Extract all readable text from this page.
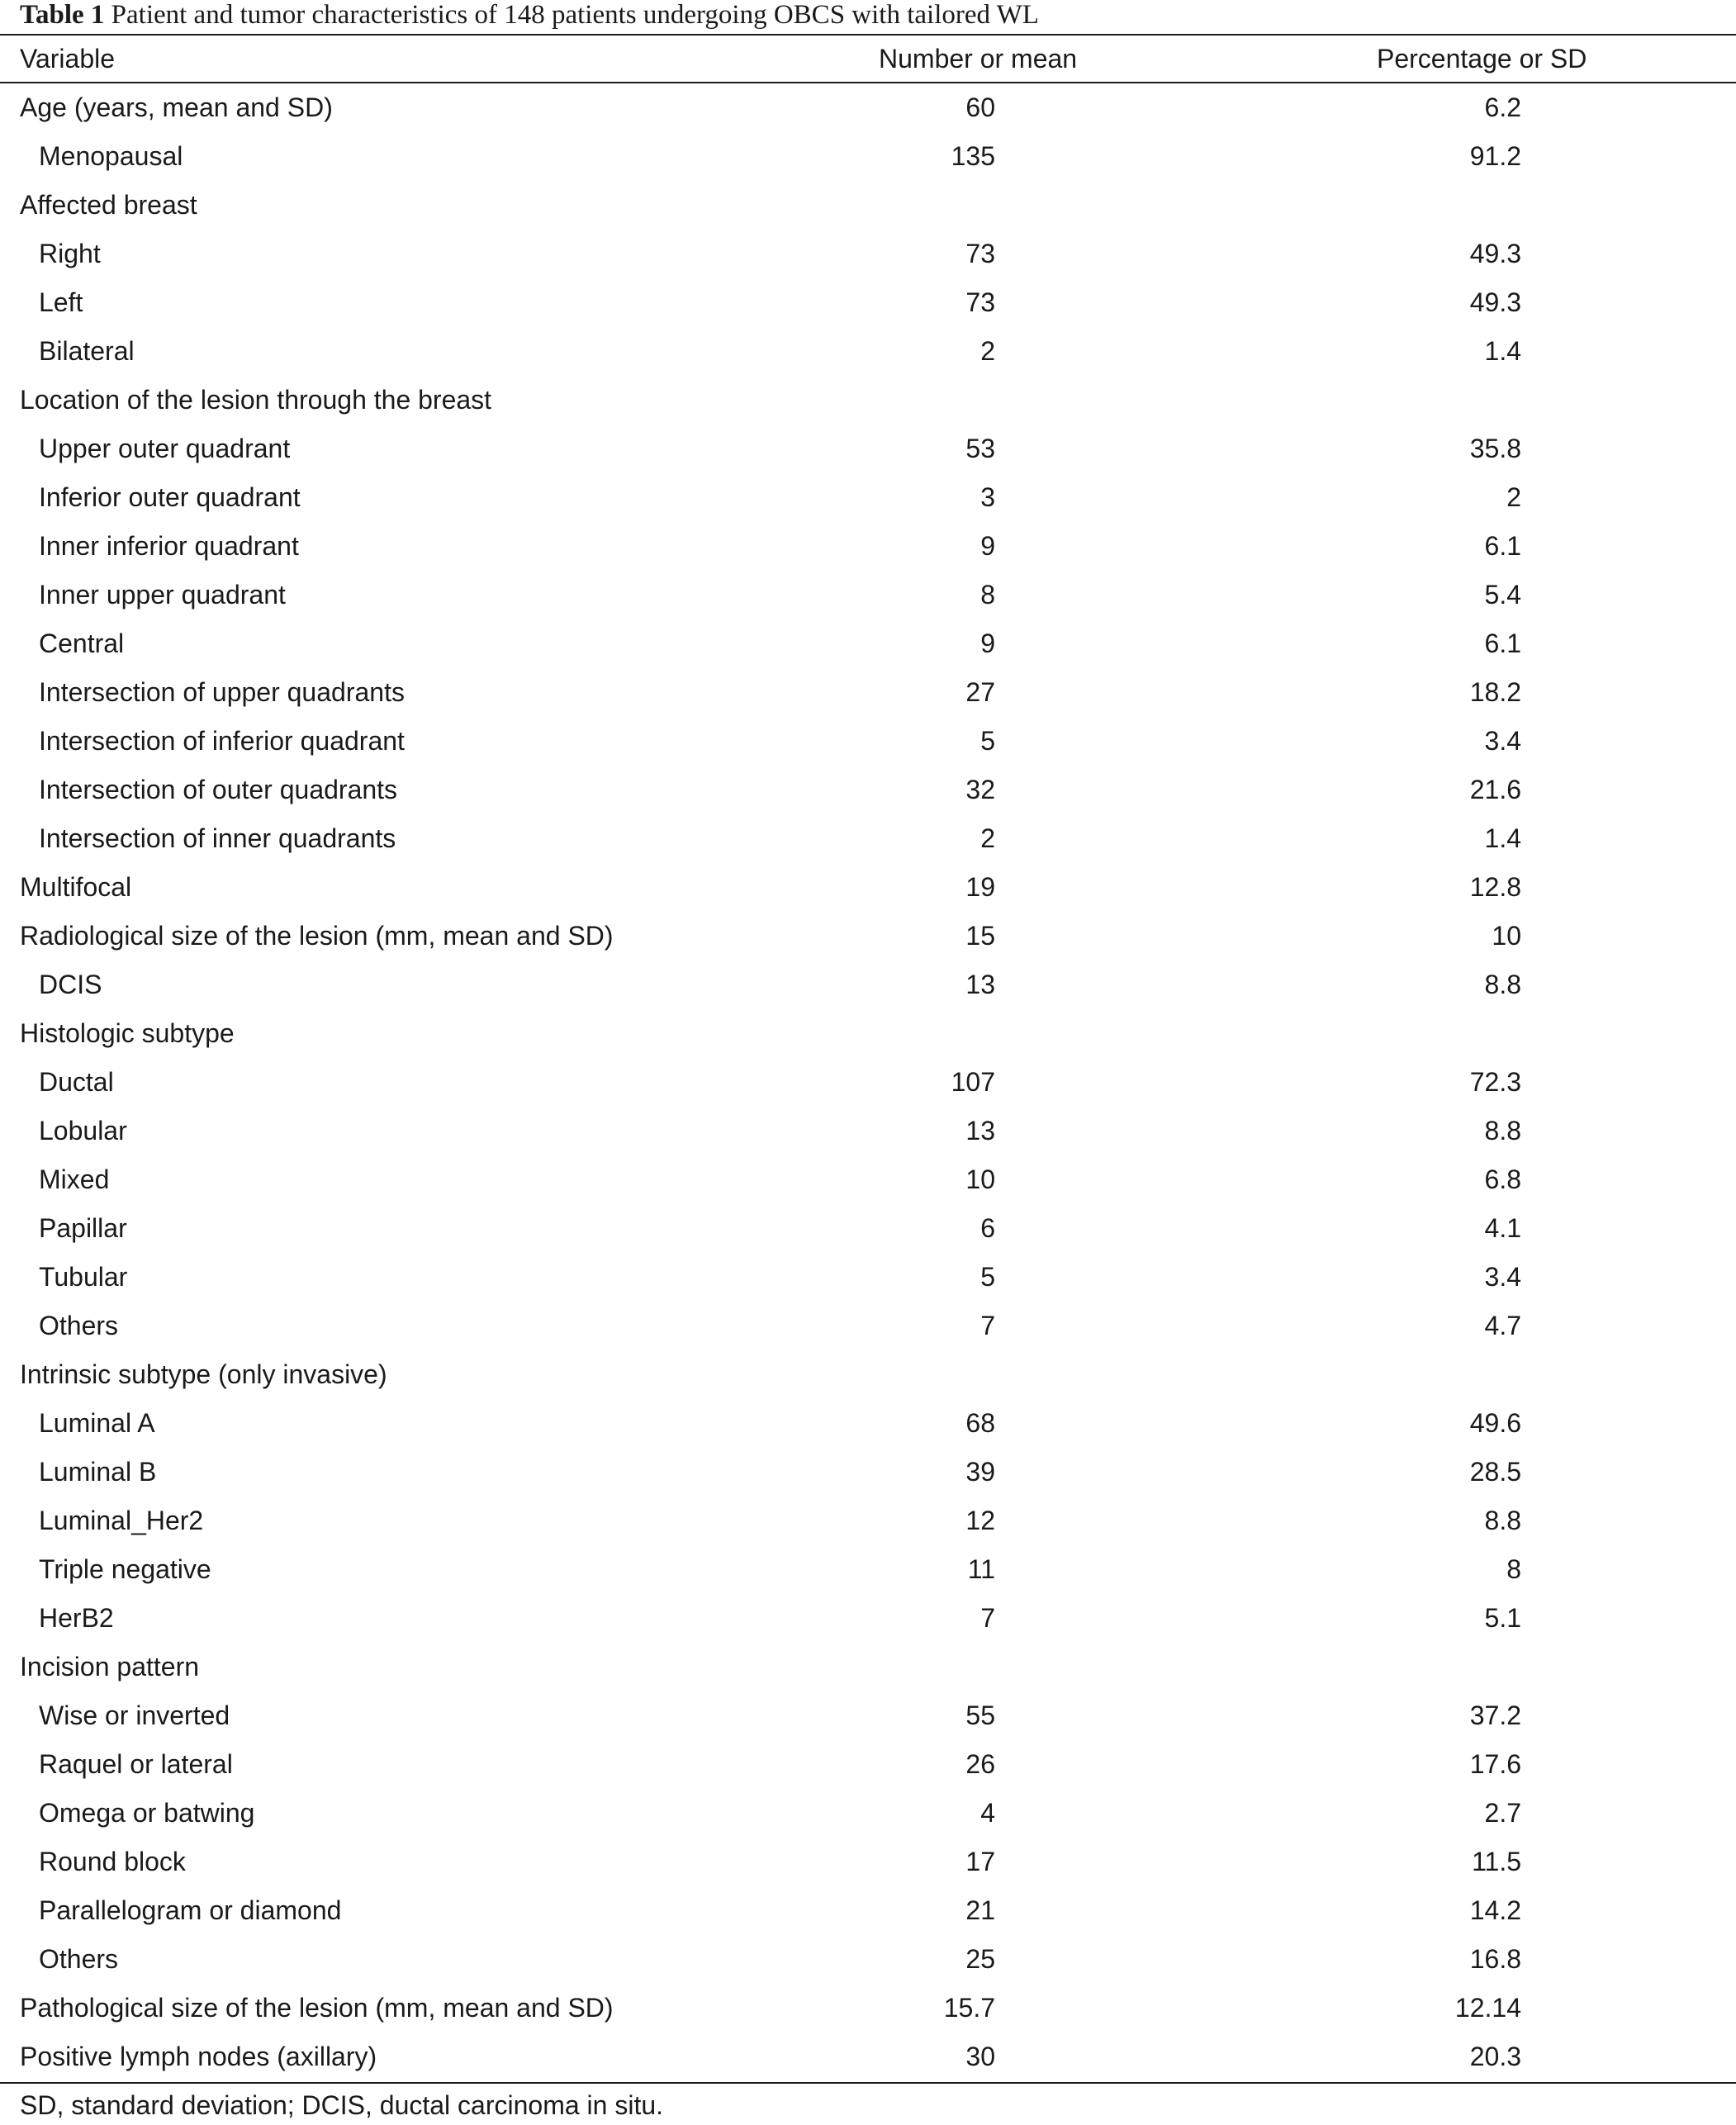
Table 1 Patient and tumor characteristics of 148 patients undergoing OBCS with tailored WL
Variable	Number or mean	Percentage or SD
Age (years, mean and SD)	60	6.2
Menopausal	135	91.2
Affected breast
Right	73	49.3
Left	73	49.3
Bilateral	2	1.4
Location of the lesion through the breast
Upper outer quadrant	53	35.8
Inferior outer quadrant	3	2
Inner inferior quadrant	9	6.1
Inner upper quadrant	8	5.4
Central	9	6.1
Intersection of upper quadrants	27	18.2
Intersection of inferior quadrant	5	3.4
Intersection of outer quadrants	32	21.6
Intersection of inner quadrants	2	1.4
Multifocal	19	12.8
Radiological size of the lesion (mm, mean and SD)	15	10
DCIS	13	8.8
Histologic subtype
Ductal	107	72.3
Lobular	13	8.8
Mixed	10	6.8
Papillar	6	4.1
Tubular	5	3.4
Others	7	4.7
Intrinsic subtype (only invasive)
Luminal A	68	49.6
Luminal B	39	28.5
Luminal_Her2	12	8.8
Triple negative	11	8
HerB2	7	5.1
Incision pattern
Wise or inverted	55	37.2
Raquel or lateral	26	17.6
Omega or batwing	4	2.7
Round block	17	11.5
Parallelogram or diamond	21	14.2
Others	25	16.8
Pathological size of the lesion (mm, mean and SD)	15.7	12.14
Positive lymph nodes (axillary)	30	20.3
SD, standard deviation; DCIS, ductal carcinoma in situ.
